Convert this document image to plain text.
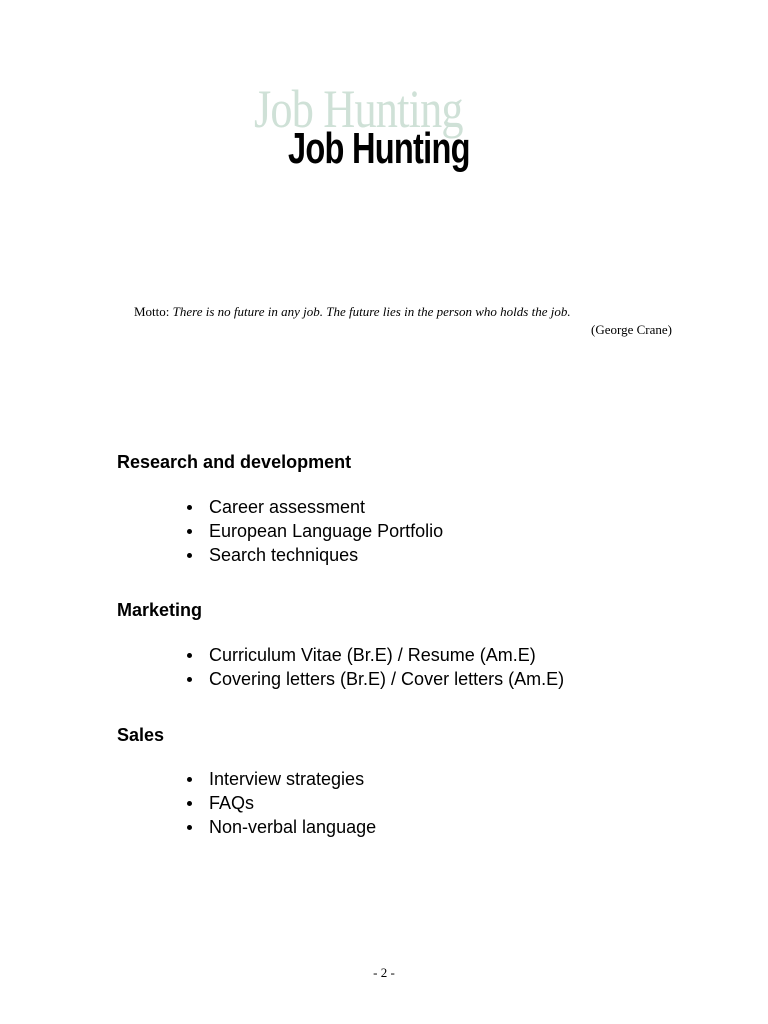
Job Hunting
Job Hunting
Motto: There is no future in any job. The future lies in the person who holds the job.
(George Crane)
Research and development
Career assessment
European Language Portfolio
Search techniques
Marketing
Curriculum Vitae (Br.E) / Resume (Am.E)
Covering letters (Br.E) / Cover letters (Am.E)
Sales
Interview strategies
FAQs
Non-verbal language
- 2 -
